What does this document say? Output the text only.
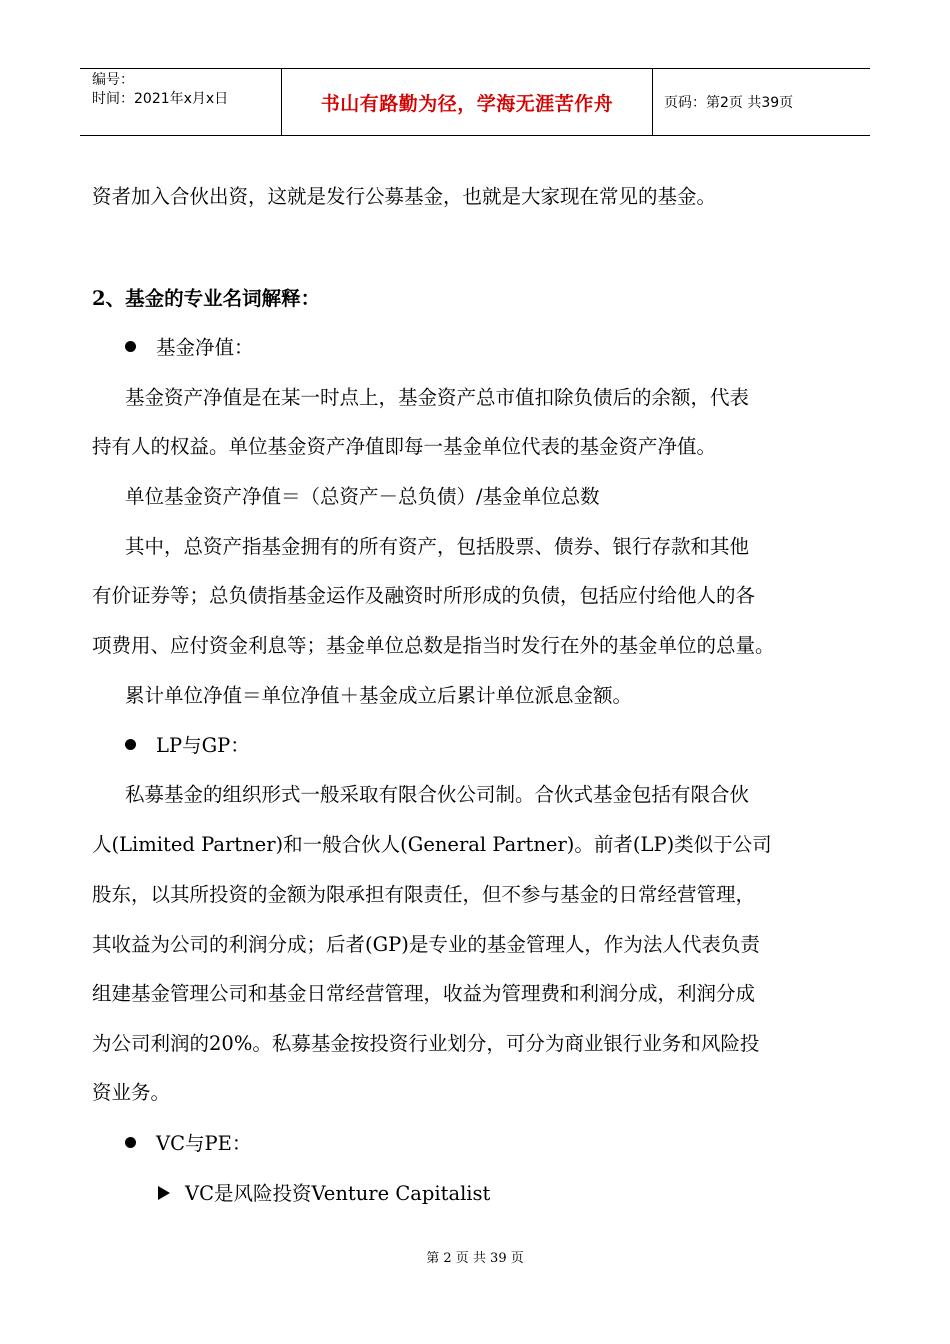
编号：
时间：2021年x月x日	书山有路勤为径，学海无涯苦作舟	页码：第2页 共39页
资者加入合伙出资，这就是发行公募基金，也就是大家现在常见的基金。
2、基金的专业名词解释：
基金净值：
基金资产净值是在某一时点上，基金资产总市值扣除负债后的余额，代表
持有人的权益。单位基金资产净值即每一基金单位代表的基金资产净值。
单位基金资产净值＝（总资产－总负债）/基金单位总数
其中，总资产指基金拥有的所有资产，包括股票、债券、银行存款和其他
有价证券等；总负债指基金运作及融资时所形成的负债，包括应付给他人的各
项费用、应付资金利息等；基金单位总数是指当时发行在外的基金单位的总量。
累计单位净值＝单位净值＋基金成立后累计单位派息金额。
LP与GP：
私募基金的组织形式一般采取有限合伙公司制。合伙式基金包括有限合伙
人(Limited Partner)和一般合伙人(General Partner)。前者(LP)类似于公司
股东，以其所投资的金额为限承担有限责任，但不参与基金的日常经营管理，
其收益为公司的利润分成；后者(GP)是专业的基金管理人，作为法人代表负责
组建基金管理公司和基金日常经营管理，收益为管理费和利润分成，利润分成
为公司利润的20%。私募基金按投资行业划分，可分为商业银行业务和风险投
资业务。
VC与PE：
VC是风险投资Venture Capitalist
第 2 页 共 39 页
